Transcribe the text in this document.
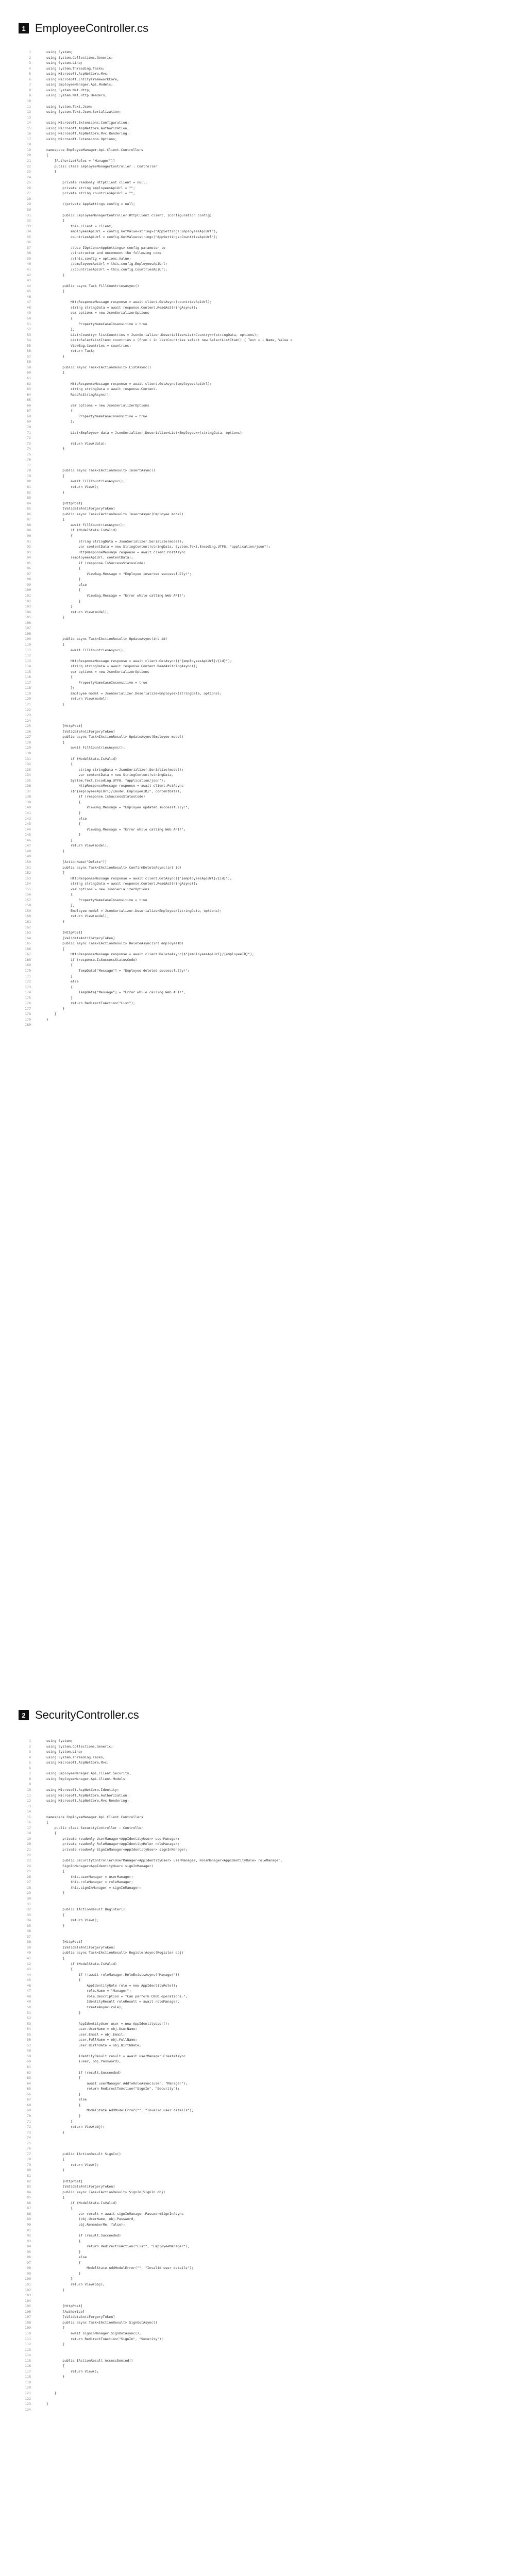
1 EmployeeController.cs
1	using System;
2	using System.Collections.Generic;
3	using System.Linq;
4	using System.Threading.Tasks;
5	using Microsoft.AspNetCore.Mvc;
6	using Microsoft.EntityFrameworkCore;
7	using EmployeeManager.Api.Models;
8	using System.Net.Http;
9	using System.Net.Http.Headers;
10
11	using System.Text.Json;
12	using System.Text.Json.Serialization;
13
14	using Microsoft.Extensions.Configuration;
15	using Microsoft.AspNetCore.Authorization;
16	using Microsoft.AspNetCore.Mvc.Rendering;
17	using Microsoft.Extensions.Options;
18
19	namespace EmployeeManager.Api.Client.Controllers
20	{
21	[Authorize(Roles = "Manager")]
22	public class EmployeeManagerController : Controller
23	{
24
25	private readonly HttpClient client = null;
26	private string employeesApiUrl = "";
27	private string countriesApiUrl = "";
28
29	//private AppSettings config = null;
30
31	public EmployeeManagerController(HttpClient client, IConfiguration config)
32	{
33	this.client = client;
34	employeesApiUrl = config.GetValue<string>("AppSettings:EmployeesApiUrl");
35	countriesApiUrl = config.GetValue<string>("AppSettings:CountriesApiUrl");
36
37	//Use IOptions<AppSettings> config parameter to
38	//instructor and uncomment the following code
39	//this.config = options.Value;
40	//employeesApiUrl = this.config.EmployeesApiUrl;
41	//countriesApiUrl = this.config.CountriesApiUrl;
42	}
43
44	public async Task FillCountriesAsync()
45	{
46
47	HttpResponseMessage response = await client.GetAsync(countriesApiUrl);
48	string stringData = await response.Content.ReadAsStringAsync();
49	var options = new JsonSerializerOptions
50	{
51	PropertyNameCaseInsensitive = true
52	};
53	List<Country> listCountries = JsonSerializer.Deserialize<List<Country>>(stringData, options);
54	List<SelectListItem> countries = (from i in listCountries select new SelectListItem() { Text = i.Name, Value =
55	ViewBag.Countries = countries;
56	return Task;
57	}
58
59	public async Task<IActionResult> ListAsync()
60	{
61
62	HttpResponseMessage response = await client.GetAsync(employeesApiUrl);
63	string stringData = await response.Content.
64	ReadAsStringAsync();
65
66	var options = new JsonSerializerOptions
67	{
68	PropertyNameCaseInsensitive = true
69	};
70
71	List<Employee> data = JsonSerializer.Deserialize<List<Employee>>(stringData, options);
72
73	return View(data);
74	}
75
76
77
78	public async Task<IActionResult> InsertAsync()
79	{
80	await FillCountriesAsync();
81	return View();
82	}
83
84	[HttpPost]
85	[ValidateAntiForgeryToken]
86	public async Task<IActionResult> InsertAsync(Employee model)
87	{
88	await FillCountriesAsync();
89	if (ModelState.IsValid)
90	{
91	string stringData = JsonSerializer.Serialize(model);
92	var contentData = new StringContent(stringData, System.Text.Encoding.UTF8, "application/json");
93	HttpResponseMessage response = await client.PostAsync
94	(employeesApiUrl, contentData);
95	if (response.IsSuccessStatusCode)
96	{
97	ViewBag.Message = "Employee inserted successfully!";
98	}
99	else
100	{
101	ViewBag.Message = "Error while calling Web API!";
102	}
103	}
104	return View(model);
105	}
106
107
108
109	public async Task<IActionResult> UpdateAsync(int id)
110	{
111	await FillCountriesAsync();
112
113	HttpResponseMessage response = await client.GetAsync($"{employeesApiUrl}/{id}");
114	string stringData = await response.Content.ReadAsStringAsync();
115	var options = new JsonSerializerOptions
116	{
117	PropertyNameCaseInsensitive = true
118	};
119	Employee model = JsonSerializer.Deserialize<Employee>(stringData, options);
120	return View(model);
121	}
122
123
124
125	[HttpPost]
126	[ValidateAntiForgeryToken]
127	public async Task<IActionResult> UpdateAsync(Employee model)
128	{
129	await FillCountriesAsync();
130
131	if (ModelState.IsValid)
132	{
133	string stringData = JsonSerializer.Serialize(model);
134	var contentData = new StringContent(stringData,
135	System.Text.Encoding.UTF8, "application/json");
136	HttpResponseMessage response = await client.PutAsync
137	($"{employeesApiUrl}/{model.EmployeeID}", contentData);
138	if (response.IsSuccessStatusCode)
139	{
140	ViewBag.Message = "Employee updated successfully!";
141	}
142	else
143	{
144	ViewBag.Message = "Error while calling Web API!";
145	}
146	}
147	return View(model);
148	}
149
150	[ActionName("Delete")]
151	public async Task<IActionResult> ConfirmDeleteAsync(int id)
152	{
153	HttpResponseMessage response = await client.GetAsync($"{employeesApiUrl}/{id}");
154	string stringData = await response.Content.ReadAsStringAsync();
155	var options = new JsonSerializerOptions
156	{
157	PropertyNameCaseInsensitive = true
158	};
159	Employee model = JsonSerializer.Deserialize<Employee>(stringData, options);
160	return View(model);
161	}
162
163	[HttpPost]
164	[ValidateAntiForgeryToken]
165	public async Task<IActionResult> DeleteAsync(int employeeID)
166	{
167	HttpResponseMessage response = await client.DeleteAsync($"{employeesApiUrl}/{employeeID}");
168	if (response.IsSuccessStatusCode)
169	{
170	TempData["Message"] = "Employee deleted successfully!";
171	}
172	else
173	{
174	TempData["Message"] = "Error while calling Web API!";
175	}
176	return RedirectToAction("List");
177	}
178	}
179	}
180
2 SecurityController.cs
1	using System;
2	using System.Collections.Generic;
3	using System.Linq;
4	using System.Threading.Tasks;
5	using Microsoft.AspNetCore.Mvc;
6
7	using EmployeeManager.Api.Client.Security;
8	using EmployeeManager.Api.Client.Models;
9
10	using Microsoft.AspNetCore.Identity;
11	using Microsoft.AspNetCore.Authorization;
12	using Microsoft.AspNetCore.Mvc.Rendering;
13
14
15	namespace EmployeeManager.Api.Client.Controllers
16	{
17	public class SecurityController : Controller
18	{
19	private readonly UserManager<AppIdentityUser> userManager;
20	private readonly RoleManager<AppIdentityRole> roleManager;
21	private readonly SignInManager<AppIdentityUser> signInManager;
22
23	public SecurityController(UserManager<AppIdentityUser> userManager, RoleManager<AppIdentityRole> roleManager,
24	SignInManager<AppIdentityUser> signInManager)
25	{
26	this.userManager = userManager;
27	this.roleManager = roleManager;
28	this.signInManager = signInManager;
29	}
30
31
32	public IActionResult Register()
33	{
34	return View();
35	}
36
37
38	[HttpPost]
39	[ValidateAntiForgeryToken]
40	public async Task<IActionResult> RegisterAsync(Register obj)
41	{
42	if (ModelState.IsValid)
43	{
44	if (!await roleManager.RoleExistsAsync("Manager"))
45	{
46	AppIdentityRole role = new AppIdentityRole();
47	role.Name = "Manager";
48	role.Description = "Can perform CRUD operations.";
49	IdentityResult roleResult = await roleManager.
50	CreateAsync(role);
51	}
52
53	AppIdentityUser user = new AppIdentityUser();
54	user.UserName = obj.UserName;
55	user.Email = obj.Email;
56	user.FullName = obj.FullName;
57	user.BirthDate = obj.BirthDate;
58
59	IdentityResult result = await userManager.CreateAsync
60	(user, obj.Password);
61
62	if (result.Succeeded)
63	{
64	await userManager.AddToRoleAsync(user, "Manager");
65	return RedirectToAction("SignIn", "Security");
66	}
67	else
68	{
69	ModelState.AddModelError("", "Invalid user details");
70	}
71	}
72	return View(obj);
73	}
74
75
76
77	public IActionResult SignIn()
78	{
79	return View();
80	}
81
82	[HttpPost]
83	[ValidateAntiForgeryToken]
84	public async Task<IActionResult> SignIn(SignIn obj)
85	{
86	if (ModelState.IsValid)
87	{
88	var result = await signInManager.PasswordSignInAsync
89	(obj.UserName, obj.Password,
90	obj.RememberMe, false);
91
92	if (result.Succeeded)
93	{
94	return RedirectToAction("List", "EmployeeManager");
95	}
96	else
97	{
98	ModelState.AddModelError("", "Invalid user details");
99	}
100	}
101	return View(obj);
102	}
103
104
105	[HttpPost]
106	[Authorize]
107	[ValidateAntiForgeryToken]
108	public async Task<IActionResult> SignOutAsync()
109	{
110	await signInManager.SignOutAsync();
111	return RedirectToAction("SignIn", "Security");
112	}
113
114
115	public IActionResult AccessDenied()
116	{
117	return View();
118	}
119
120
121	}
122
123	}
124
